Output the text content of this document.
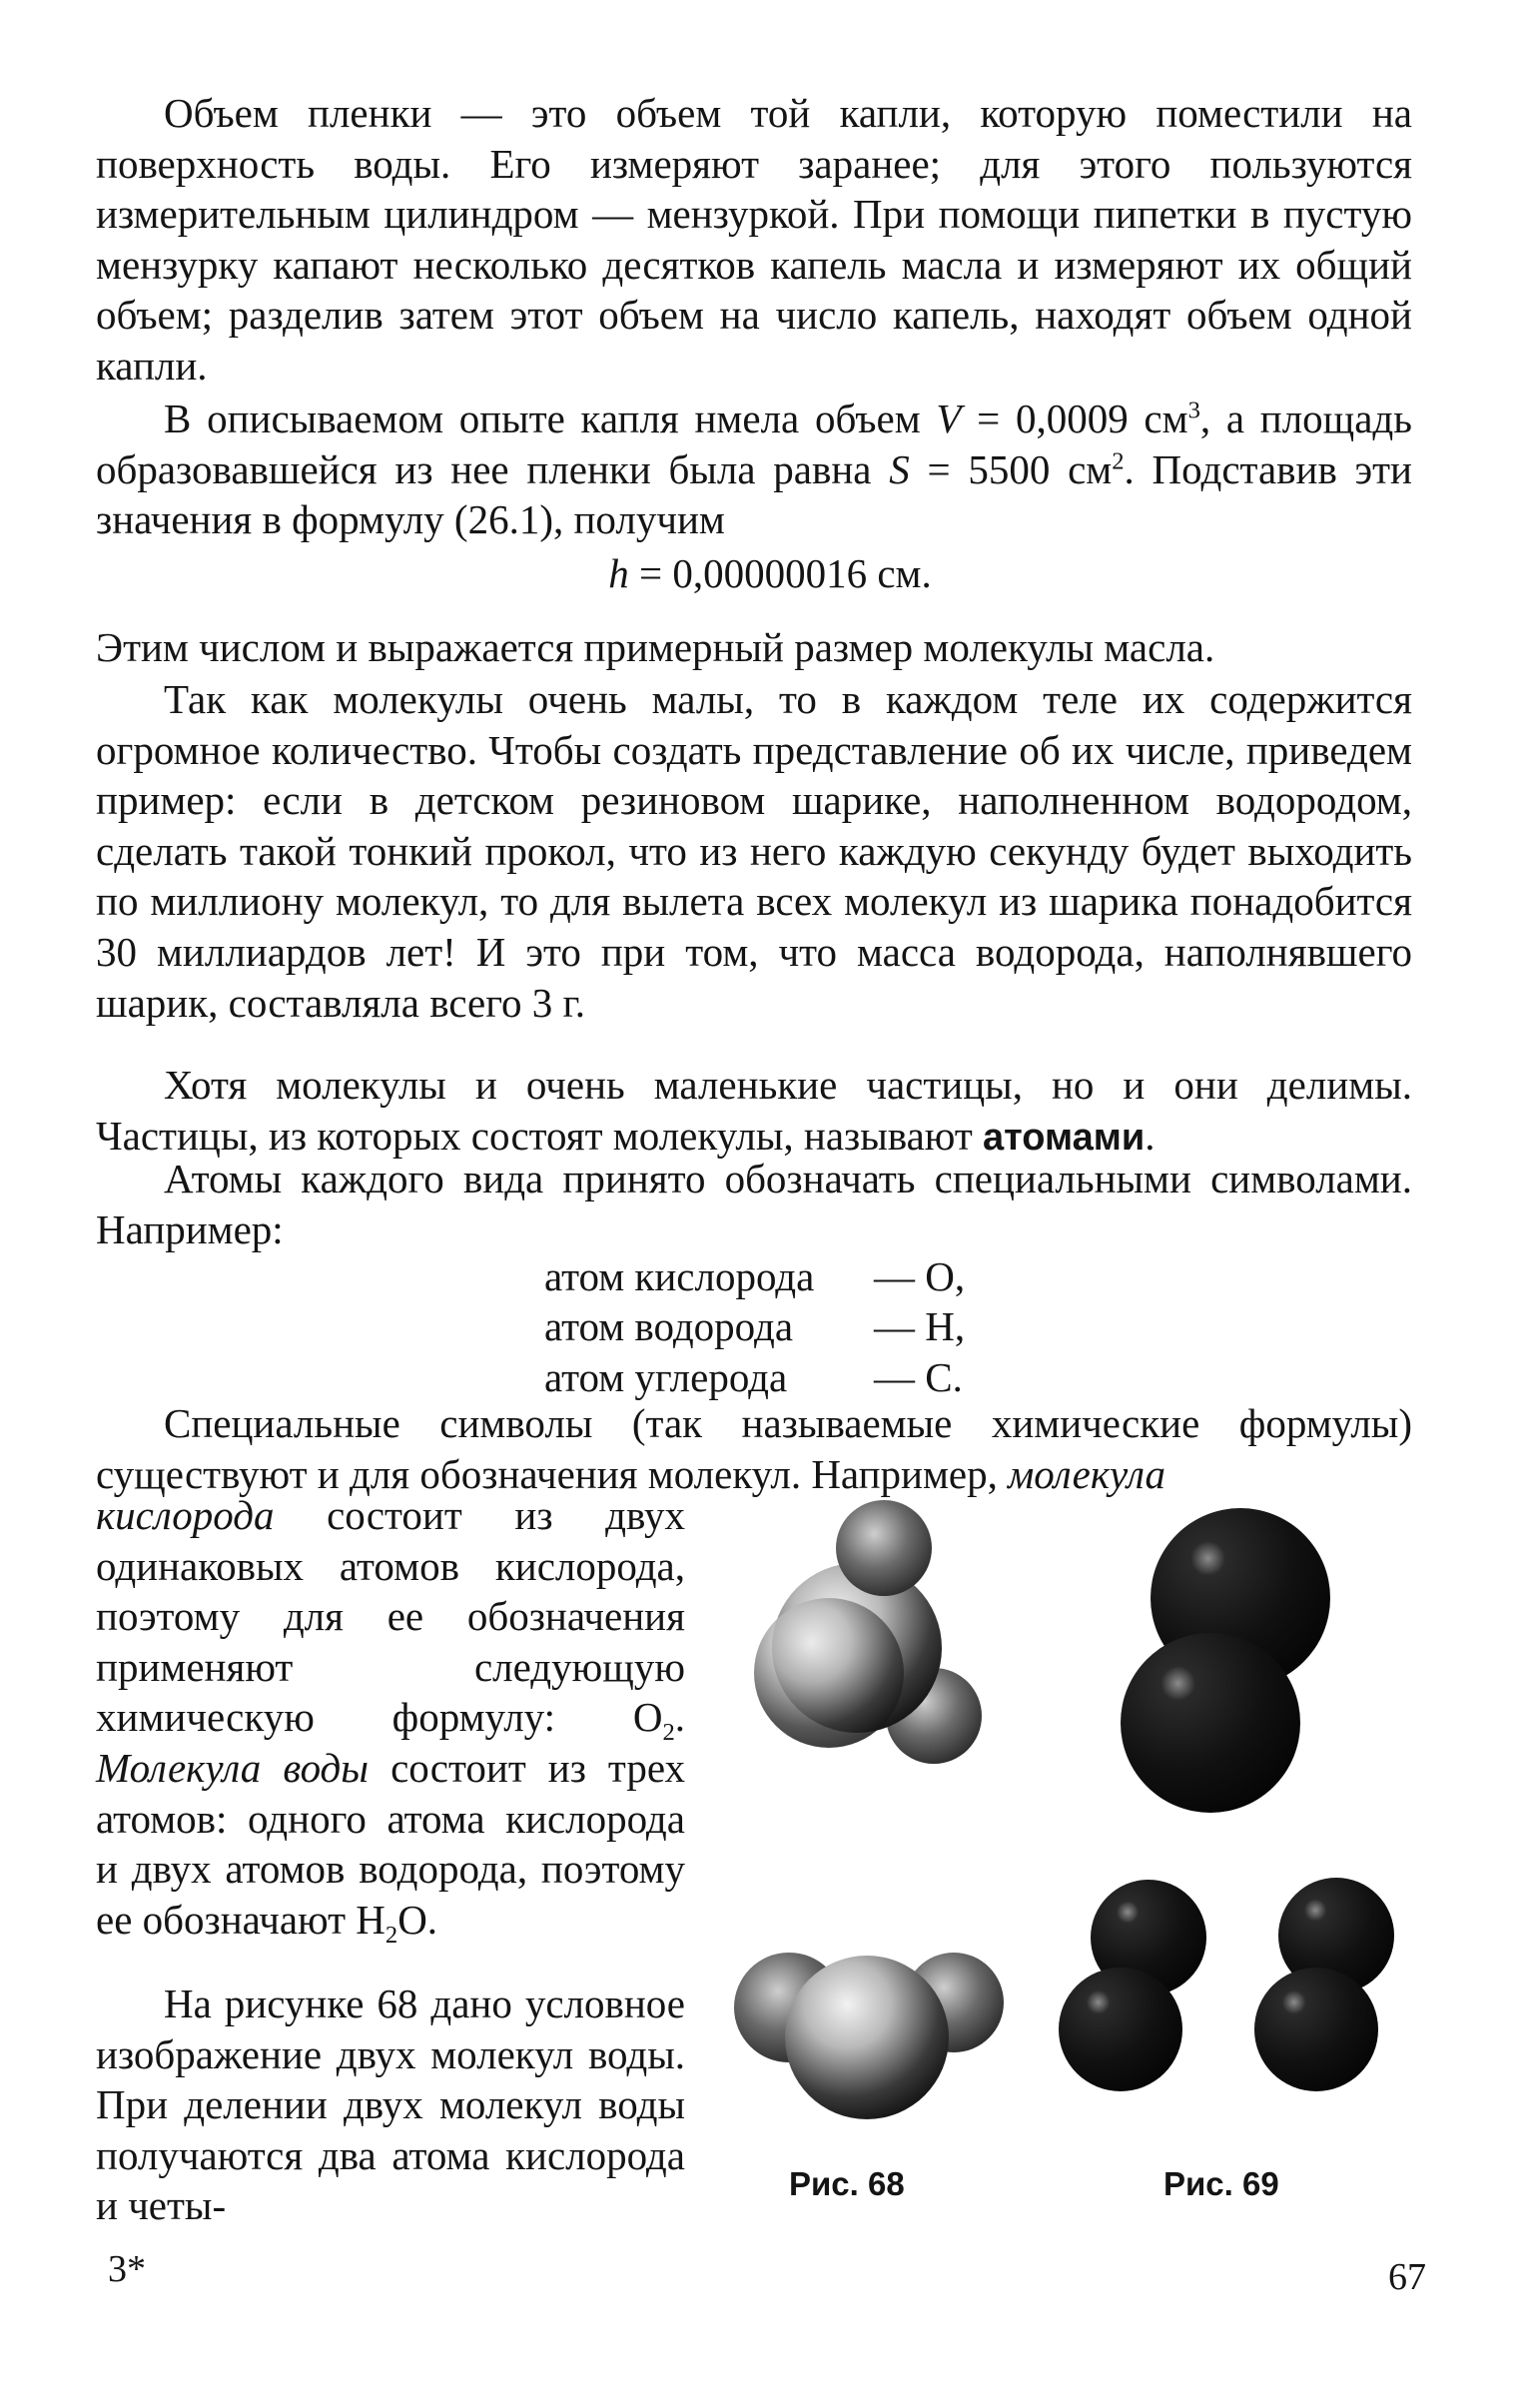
Объем пленки — это объем той капли, которую поместили на поверхность воды. Его измеряют заранее; для этого пользуются измерительным цилиндром — мензуркой. При помощи пипетки в пустую мензурку капают несколько десятков капель масла и измеряют их общий объем; разделив затем этот объем на число капель, находят объем одной капли.

В описываемом опыте капля нмела объем V = 0,0009 $см^3$, а площадь образовавшейся из нее пленки была равна S = 5500 $см^2$. Подставив эти значения в формулу (26.1), получим

h = 0,00000016 см.

Этим числом и выражается примерный размер молекулы масла.

Так как молекулы очень малы, то в каждом теле их содержится огромное количество. Чтобы создать представление об их числе, приведем пример: если в детском резиновом шарике, наполненном водородом, сделать такой тонкий прокол, что из него каждую секунду будет выходить по миллиону молекул, то для вылета всех молекул из шарика понадобится 30 миллиардов лет! И это при том, что масса водорода, наполнявшего шарик, составляла всего 3 г.

Хотя молекулы и очень маленькие частицы, но и они делимы. Частицы, из которых состоят молекулы, называют атомами.

Атомы каждого вида принято обозначать специальными символами. Например:

атом кислорода — O,
атом водорода — H,
атом углерода — C.

Специальные символы (так называемые химические формулы) существуют и для обозначения молекул. Например, молекула

кислорода состоит из двух одинаковых атомов кислорода, поэтому для ее обозначения применяют следующую химическую формулу: $O_2$. Молекула воды состоит из трех атомов: одного атома кислорода и двух атомов водорода, поэтому ее обозначают $H_2O$.

На рисунке 68 дано условное изображение двух молекул воды. При делении двух молекул воды получаются два атома кислорода и четы-	Рис. 68	Рис. 69
3*	67
